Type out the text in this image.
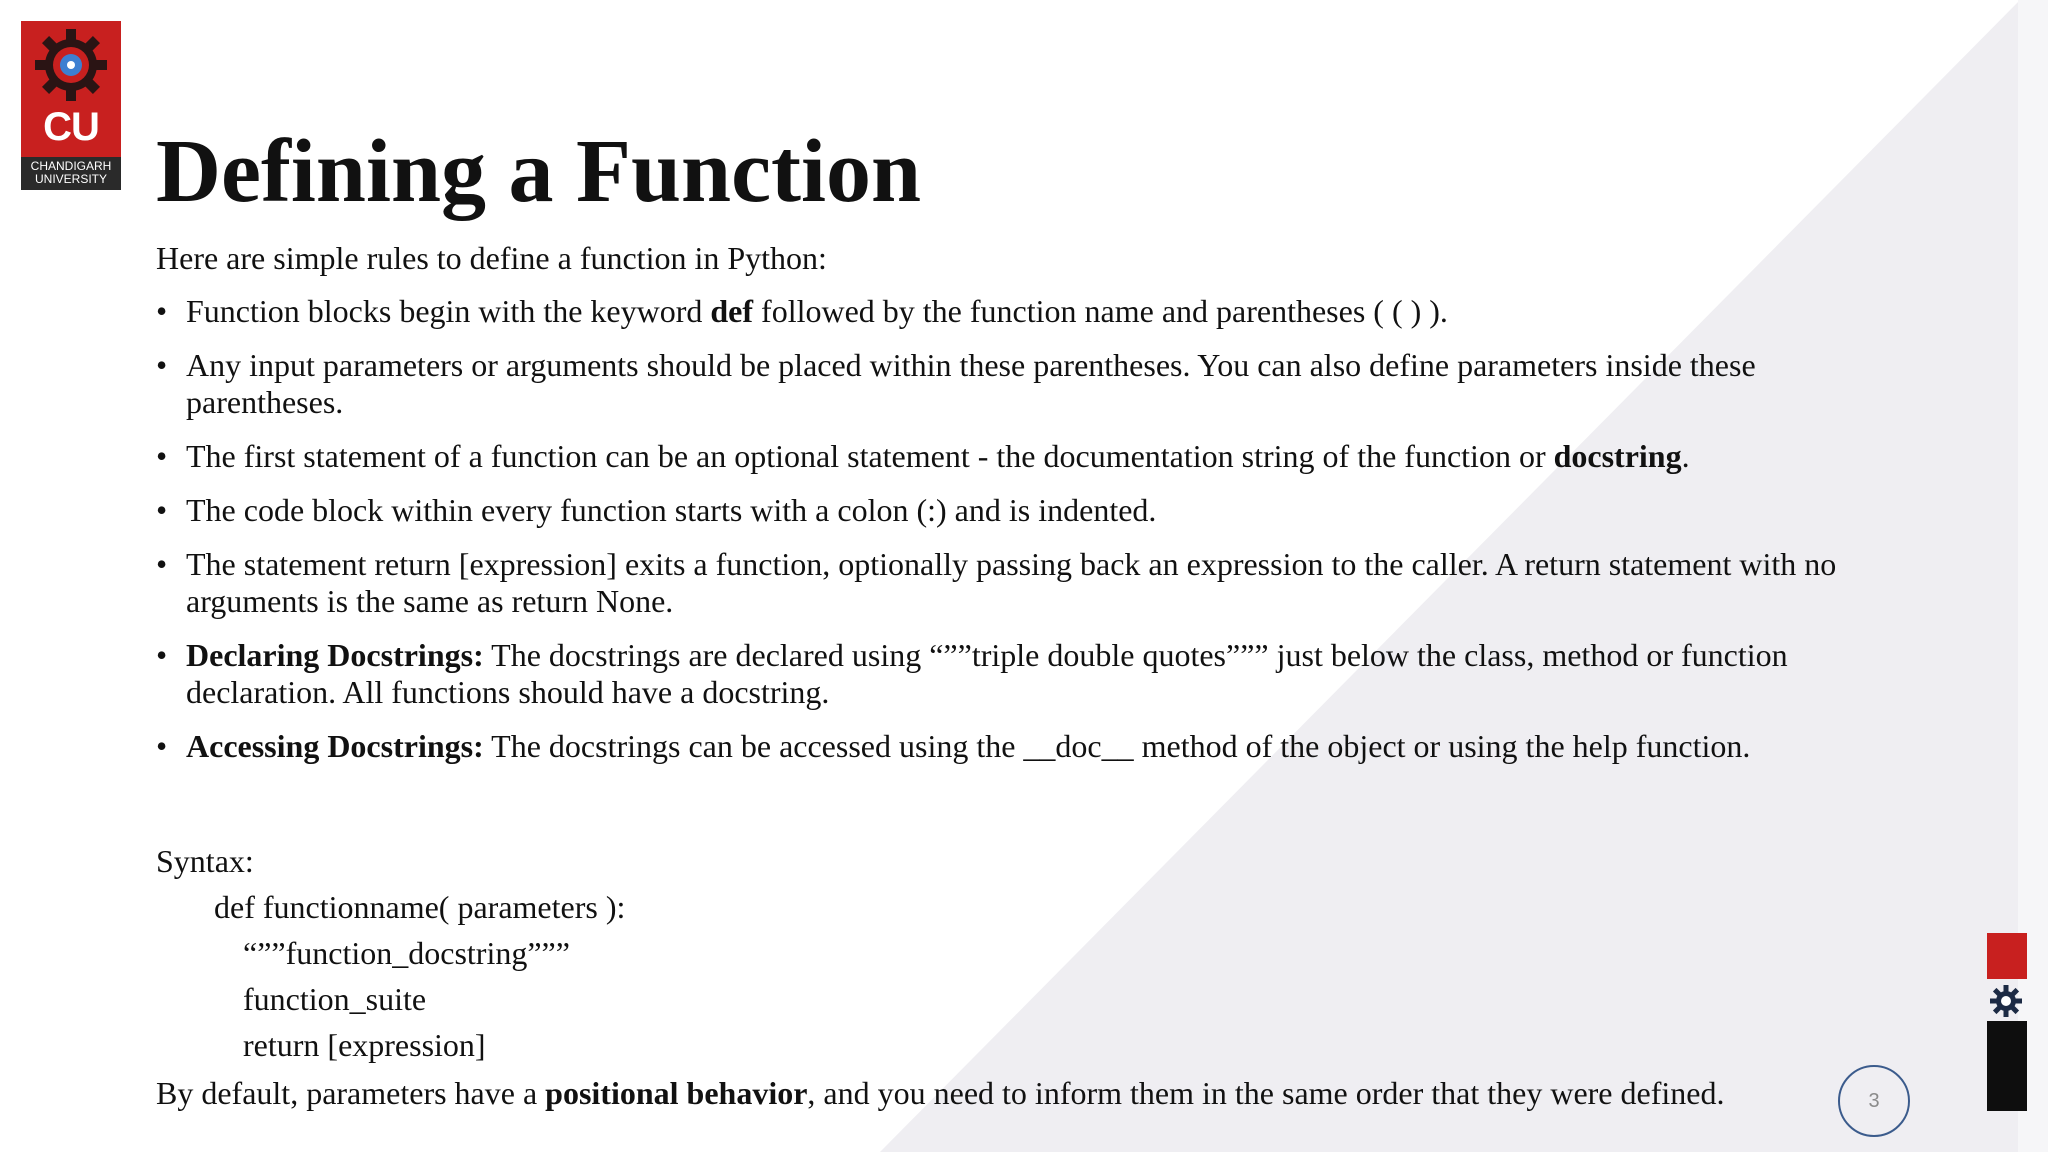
CU
CHANDIGARH
UNIVERSITY Defining a Function

Here are simple rules to define a function in Python:

• Function blocks begin with the keyword def followed by the function name and parentheses ( ( ) ).
• Any input parameters or arguments should be placed within these parentheses. You can also define parameters inside these parentheses.
• The first statement of a function can be an optional statement - the documentation string of the function or docstring.
• The code block within every function starts with a colon (:) and is indented.
• The statement return [expression] exits a function, optionally passing back an expression to the caller. A return statement with no arguments is the same as return None.
• Declaring Docstrings: The docstrings are declared using “””triple double quotes””” just below the class, method or function declaration. All functions should have a docstring.
• Accessing Docstrings: The docstrings can be accessed using the __doc__ method of the object or using the help function.
Syntax:
def functionname( parameters ):
“””function_docstring”””
function_suite
return [expression]
By default, parameters have a positional behavior, and you need to inform them in the same order that they were defined.	3
